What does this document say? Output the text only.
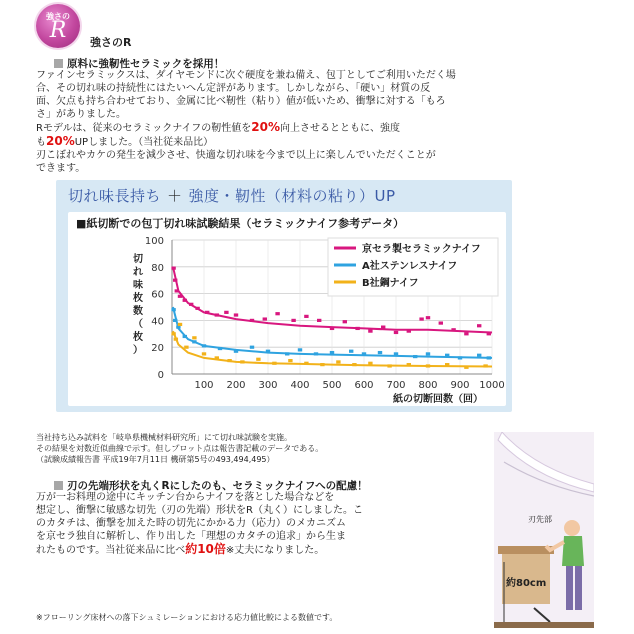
強さの
R	強さのR
原料に強靭性セラミックを採用！
ファインセラミックスは、ダイヤモンドに次ぐ硬度を兼ね備え、包丁としてご利用いただく場
合、その切れ味の持続性にはたいへん定評があります。しかしながら、「硬い」材質の反
面、欠点も持ち合わせており、金属に比べ靭性（粘り）値が低いため、衝撃に対する「もろ
さ」がありました。
Rモデルは、従来のセラミックナイフの靭性値を20%向上させるとともに、強度
も20%UPしました。（当社従来品比）
刃こぼれやカケの発生を減少させ、快適な切れ味を今まで以上に楽しんでいただくことが
できます。
切れ味長持ち ＋ 強度・靭性（材料の粘り）UP
■紙切断での包丁切れ味試験結果（セラミックナイフ参考データ）
0
20
40
60
80
100
100 200 300 400 500 600 700 800 900 1000
切
れ
味
枚
数
（
枚
）
紙の切断回数（回）
京セラ製セラミックナイフ
A社ステンレスナイフ
B社鋼ナイフ
当社持ち込み試料を「岐阜県機械材料研究所」にて切れ味試験を実施。
その結果を対数近似曲線で示す。但しプロット点は報告書記載のデータである。
（試験成績報告書 平成19年7月11日 機研第5号の493,494,495）
刃の先端形状を丸くRにしたのも、セラミックナイフへの配慮！
万が一お料理の途中にキッチン台からナイフを落とした場合などを
想定し、衝撃に敏感な切先（刃の先端）形状をR（丸く）にしました。こ
のカタチは、衝撃を加えた時の切先にかかる力（応力）のメカニズム
を京セラ独自に解析し、作り出した「理想のカタチの追求」から生ま
れたものです。当社従来品に比べ約10倍※丈夫になりました。
刃先部
約80cm
※フローリング床材への落下シュミレーションにおける応力値比較による数値です。
